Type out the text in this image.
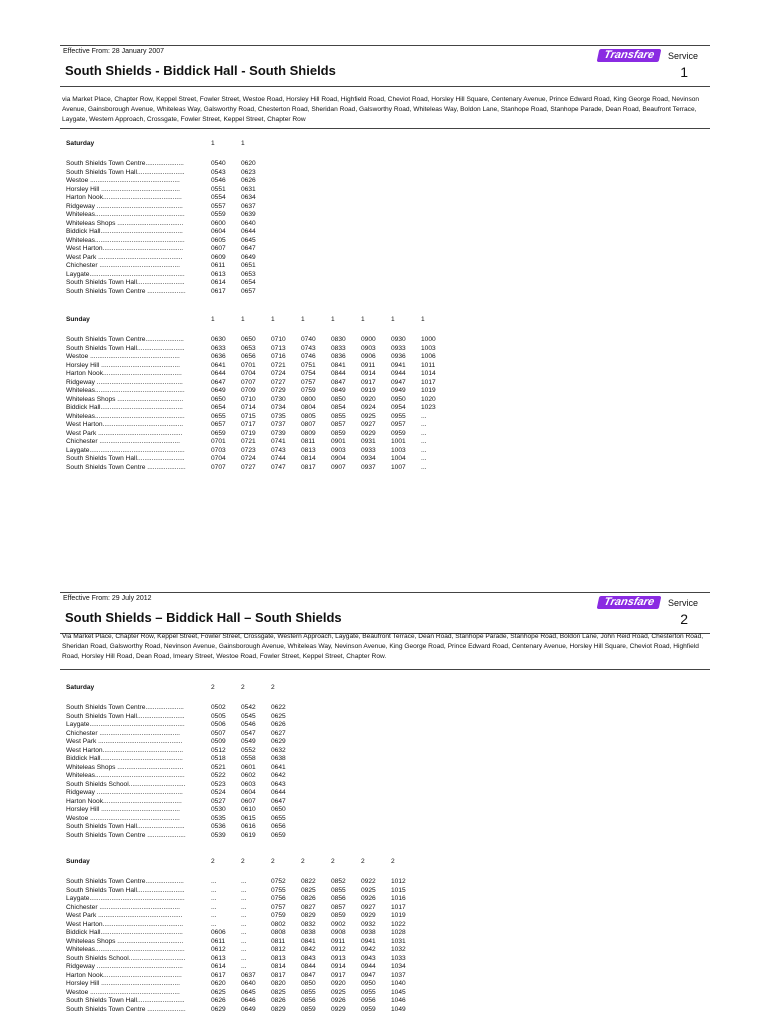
Effective From: 28 January 2007
South Shields - Biddick Hall - South Shields
Transfare	Service
1
via Market Place, Chapter Row, Keppel Street, Fowler Street, Westoe Road, Horsley Hill Road, Highfield Road, Cheviot Road, Horsley Hill Square, Centenary Avenue, Prince Edward Road, King George Road, Nevinson Avenue, Gainsborough Avenue, Whiteleas Way, Galsworthy Road, Chesterton Road, Sheridan Road, Galsworthy Road, Whiteleas Way, Boldon Lane, Stanhope Road, Stanhope Parade, Dean Road, Beaufront Terrace, Laygate, Western Approach, Crossgate, Fowler Street, Keppel Street, Chapter Row
Saturday	1	1
South Shields Town Centre.....................	0540	0620
South Shields Town Hall..........................	0543	0623
Westoe .................................................	0546	0626
Horsley Hill ...........................................	0551	0631
Harton Nook...........................................	0554	0634
Ridgeway ...............................................	0557	0637
Whiteleas.................................................	0559	0639
Whiteleas Shops ....................................	0600	0640
Biddick Hall.............................................	0604	0644
Whiteleas.................................................	0605	0645
West Harton............................................	0607	0647
West Park ..............................................	0609	0649
Chichester ............................................	0611	0651
Laygate....................................................	0613	0653
South Shields Town Hall..........................	0614	0654
South Shields Town Centre .....................	0617	0657
Sunday	1	1	1	1	1	1	1	1
South Shields Town Centre.....................	0630	0650	0710	0740	0830	0900	0930	1000
South Shields Town Hall..........................	0633	0653	0713	0743	0833	0903	0933	1003
Westoe .................................................	0636	0656	0716	0746	0836	0906	0936	1006
Horsley Hill ...........................................	0641	0701	0721	0751	0841	0911	0941	1011
Harton Nook...........................................	0644	0704	0724	0754	0844	0914	0944	1014
Ridgeway ...............................................	0647	0707	0727	0757	0847	0917	0947	1017
Whiteleas.................................................	0649	0709	0729	0759	0849	0919	0949	1019
Whiteleas Shops ....................................	0650	0710	0730	0800	0850	0920	0950	1020
Biddick Hall.............................................	0654	0714	0734	0804	0854	0924	0954	1023
Whiteleas.................................................	0655	0715	0735	0805	0855	0925	0955	...
West Harton............................................	0657	0717	0737	0807	0857	0927	0957	...
West Park ..............................................	0659	0719	0739	0809	0859	0929	0959	...
Chichester ............................................	0701	0721	0741	0811	0901	0931	1001	...
Laygate....................................................	0703	0723	0743	0813	0903	0933	1003	...
South Shields Town Hall..........................	0704	0724	0744	0814	0904	0934	1004	...
South Shields Town Centre .....................	0707	0727	0747	0817	0907	0937	1007	...
Effective From: 29 July 2012
South Shields – Biddick Hall – South Shields
Transfare	Service
2
Via Market Place, Chapter Row, Keppel Street, Fowler Street, Crossgate, Western Approach, Laygate, Beaufront Terrace, Dean Road, Stanhope Parade, Stanhope Road, Boldon Lane, John Reid Road, Chesterton Road, Sheridan Road, Galsworthy Road, Nevinson Avenue, Gainsborough Avenue, Whiteleas Way, Nevinson Avenue, King George Road, Prince Edward Road, Centenary Avenue, Horsley Hill Square, Cheviot Road, Highfield Road, Horsley Hill Road, Dean Road, Imeary Street, Westoe Road, Fowler Street, Keppel Street, Chapter Row.
Saturday	2	2	2
South Shields Town Centre.....................	0502	0542	0622
South Shields Town Hall..........................	0505	0545	0625
Laygate....................................................	0506	0546	0626
Chichester ............................................	0507	0547	0627
West Park ..............................................	0509	0549	0629
West Harton............................................	0512	0552	0632
Biddick Hall.............................................	0518	0558	0638
Whiteleas Shops ....................................	0521	0601	0641
Whiteleas.................................................	0522	0602	0642
South Shields School...............................	0523	0603	0643
Ridgeway ...............................................	0524	0604	0644
Harton Nook...........................................	0527	0607	0647
Horsley Hill ...........................................	0530	0610	0650
Westoe .................................................	0535	0615	0655
South Shields Town Hall..........................	0536	0616	0656
South Shields Town Centre .....................	0539	0619	0659
Sunday	2	2	2	2	2	2	2
South Shields Town Centre.....................	...	...	0752	0822	0852	0922	1012
South Shields Town Hall..........................	...	...	0755	0825	0855	0925	1015
Laygate....................................................	...	...	0756	0826	0856	0926	1016
Chichester ............................................	...	...	0757	0827	0857	0927	1017
West Park ..............................................	...	...	0759	0829	0859	0929	1019
West Harton............................................	...	...	0802	0832	0902	0932	1022
Biddick Hall.............................................	0606	...	0808	0838	0908	0938	1028
Whiteleas Shops ....................................	0611	...	0811	0841	0911	0941	1031
Whiteleas.................................................	0612	...	0812	0842	0912	0942	1032
South Shields School...............................	0613	...	0813	0843	0913	0943	1033
Ridgeway ...............................................	0614	...	0814	0844	0914	0944	1034
Harton Nook...........................................	0617	0637	0817	0847	0917	0947	1037
Horsley Hill ...........................................	0620	0640	0820	0850	0920	0950	1040
Westoe .................................................	0625	0645	0825	0855	0925	0955	1045
South Shields Town Hall..........................	0626	0646	0826	0856	0926	0956	1046
South Shields Town Centre .....................	0629	0649	0829	0859	0929	0959	1049
